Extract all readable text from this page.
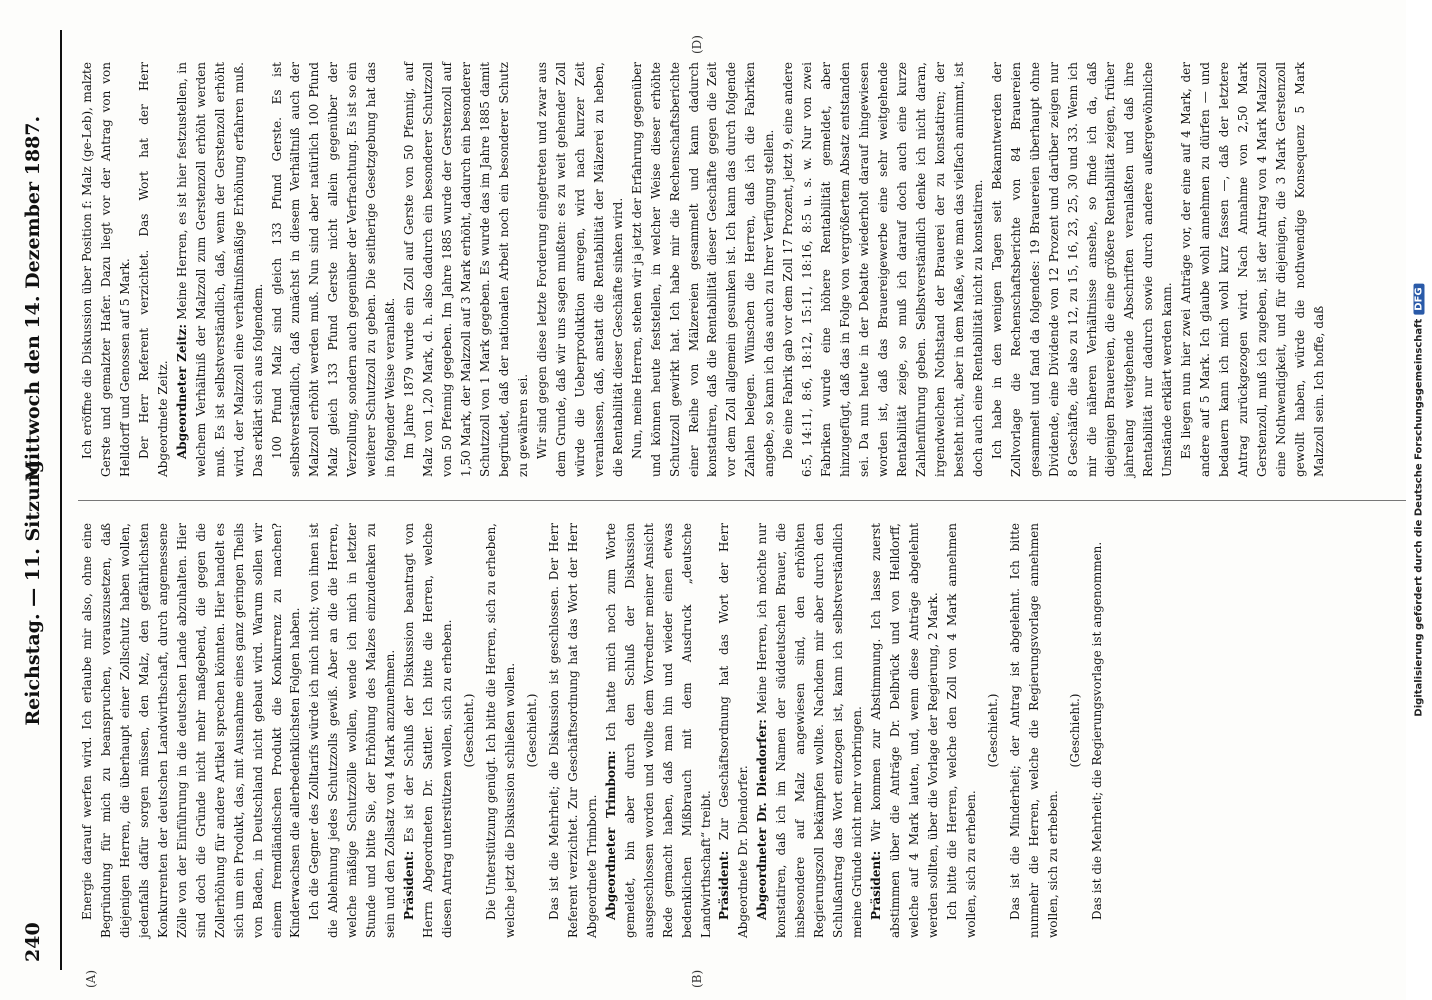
240
Reichstag. — 11. Sitzung.
Mittwoch den 14. Dezember 1887.
(A)	(B)
(D)

Energie darauf werfen wird. Ich erlaube mir also, ohne eine Begründung für mich zu beanspruchen, vorauszusetzen, daß diejenigen Herren, die überhaupt einer Zollschutz haben wollen, jedenfalls dafür sorgen müssen, den Malz, den gefährlichsten Konkurrenten der deutschen Landwirthschaft, durch angemessene Zölle von der Einführung in die deutschen Lande abzuhalten. Hier sind doch die Gründe nicht mehr maßgebend, die gegen die Zollerhöhung für andere Artikel sprechen könnten. Hier handelt es sich um ein Produkt, das, mit Ausnahme eines ganz geringen Theils von Baden, in Deutschland nicht gebaut wird. Warum sollen wir einem fremdländischen Produkt die Konkurrenz zu machen? Kinderwachsen die allerbedenklichsten Folgen haben. Ich die Gegner des Zolltarifs würde ich mich nicht; von ihnen ist die Ablehnung jedes Schutzzolls gewiß. Aber an die die Herren, welche mäßige Schutzzölle wollen, wende ich mich in letzter Stunde und bitte Sie, der Erhöhung des Malzes einzudenken zu sein und den Zollsatz von 4 Mark anzunehmen. Präsident: Es ist der Schluß der Diskussion beantragt von Herrn Abgeordneten Dr. Sattler. Ich bitte die Herren, welche diesen Antrag unterstützen wollen, sich zu erheben. (Geschieht.) Die Unterstützung genügt. Ich bitte die Herren, sich zu erheben, welche jetzt die Diskussion schließen wollen. (Geschieht.) Das ist die Mehrheit; die Diskussion ist geschlossen. Der Herr Referent verzichtet. Zur Geschäftsordnung hat das Wort der Herr Abgeordnete Trimborn. Abgeordneter Trimborn: Ich hatte mich noch zum Worte gemeldet, bin aber durch den Schluß der Diskussion ausgeschlossen worden und wollte dem Vorredner meiner Ansicht Rede gemacht haben, daß man hin und wieder einen etwas bedenklichen Mißbrauch mit dem Ausdruck „deutsche Landwirthschaft“ treibt. Präsident: Zur Geschäftsordnung hat das Wort der Herr Abgeordnete Dr. Diendorfer. Abgeordneter Dr. Diendorfer: Meine Herren, ich möchte nur konstatiren, daß ich im Namen der süddeutschen Brauer, die insbesondere auf Malz angewiesen sind, den erhöhten Regierungszoll bekämpfen wollte. Nachdem mir aber durch den Schlußantrag das Wort entzogen ist, kann ich selbstverständlich meine Gründe nicht mehr vorbringen. Präsident: Wir kommen zur Abstimmung. Ich lasse zuerst abstimmen über die Anträge Dr. Delbrück und von Helldorff, welche auf 4 Mark lauten, und, wenn diese Anträge abgelehnt werden sollten, über die Vorlage der Regierung, 2 Mark. Ich bitte die Herren, welche den Zoll von 4 Mark annehmen wollen, sich zu erheben.

(Geschieht.) Das ist die Minderheit; der Antrag ist abgelehnt. Ich bitte nunmehr die Herren, welche die Regierungsvorlage annehmen wollen, sich zu erheben.

(Geschieht.) Das ist die Mehrheit; die Regierungsvorlage ist angenommen.

Ich eröffne die Diskussion über Position f: Malz (ge-Leb), malzte Gerste und gemalzter Hafer. Dazu liegt vor der Antrag von von Helldorff und Genossen auf 5 Mark. Der Herr Referent verzichtet. Das Wort hat der Herr Abgeordnete Zeitz. Abgeordneter Zeitz: Meine Herren, es ist hier festzustellen, in welchem Verhältniß der Malzzoll zum Gerstenzoll erhöht werden muß. Es ist selbstverständlich, daß, wenn der Gerstenzoll erhöht wird, der Malzzoll eine verhältnißmäßige Erhöhung erfahren muß. Das erklärt sich aus folgendem. 100 Pfund Malz sind gleich 133 Pfund Gerste. Es ist selbstverständlich, daß zunächst in diesem Verhältniß auch der Malzzoll erhöht werden muß. Nun sind aber natürlich 100 Pfund Malz gleich 133 Pfund Gerste nicht allein gegenüber der Verzollung, sondern auch gegenüber der Verfrachtung. Es ist so ein weiterer Schutzzoll zu geben. Die seitherige Gesetzgebung hat das in folgender Weise veranlaßt. Im Jahre 1879 wurde ein Zoll auf Gerste von 50 Pfennig, auf Malz von 1,20 Mark, d. h. also dadurch ein besonderer Schutzzoll von 50 Pfennig gegeben. Im Jahre 1885 wurde der Gerstenzoll auf 1,50 Mark, der Malzzoll auf 3 Mark erhöht, dadurch ein besonderer Schutzzoll von 1 Mark gegeben. Es wurde das im Jahre 1885 damit begründet, daß der nationalen Arbeit noch ein besonderer Schutz zu gewähren sei. Wir sind gegen diese letzte Forderung eingetreten und zwar aus dem Grunde, daß wir uns sagen mußten: es zu weit gehender Zoll würde die Ueberproduktion anregen, wird nach kurzer Zeit veranlassen, daß, anstatt die Rentabilität der Mälzerei zu heben, die Rentabilität dieser Geschäfte sinken wird. Nun, meine Herren, stehen wir ja jetzt der Erfahrung gegenüber und können heute feststellen, in welcher Weise dieser erhöhte Schutzzoll gewirkt hat. Ich habe mir die Rechenschaftsberichte einer Reihe von Mälzereien gesammelt und kann dadurch konstatiren, daß die Rentabilität dieser Geschäfte gegen die Zeit vor dem Zoll allgemein gesunken ist. Ich kann das durch folgende Zahlen belegen. Wünschen die Herren, daß ich die Fabriken angebe, so kann ich das auch zu Ihrer Verfügung stellen. Die eine Fabrik gab vor dem Zoll 17 Prozent, jetzt 9, eine andere 6:5, 14:11, 8:6, 18:12, 15:11, 18:16, 8:5 u. s. w. Nur von zwei Fabriken wurde eine höhere Rentabilität gemeldet, aber hinzugefügt, daß das in Folge von vergrößertem Absatz entstanden sei. Da nun heute in der Debatte wiederholt darauf hingewiesen worden ist, daß das Brauereigewerbe eine sehr weitgehende Rentabilität zeige, so muß ich darauf doch auch eine kurze Zahlenführung geben. Selbstverständlich denke ich nicht daran, irgendwelchen Nothstand der Brauerei der zu konstatiren; der besteht nicht, aber in dem Maße, wie man das vielfach annimmt, ist doch auch eine Rentabilität nicht zu konstatiren. Ich habe in den wenigen Tagen seit Bekanntwerden der Zollvorlage die Rechenschaftsberichte von 84 Brauereien gesammelt und fand da folgendes: 19 Brauereien überhaupt ohne Dividende, eine Dividende von 12 Prozent und darüber zeigen nur 8 Geschäfte, die also zu 12, zu 15, 16, 23, 25, 30 und 33. Wenn ich mir die näheren Verhältnisse ansehe, so finde ich da, daß diejenigen Brauereien, die eine größere Rentabilität zeigen, früher jahrelang weitgehende Abschriften veranlaßten und daß ihre Rentabilität nur dadurch sowie durch andere außergewöhnliche Umstände erklärt werden kann. Es liegen nun hier zwei Anträge vor, der eine auf 4 Mark, der andere auf 5 Mark. Ich glaube wohl annehmen zu dürfen — und bedauern kann ich mich wohl kurz fassen —, daß der letztere Antrag zurückgezogen wird. Nach Annahme von 2,50 Mark Gerstenzoll, muß ich zugeben, ist der Antrag von 4 Mark Malzzoll eine Nothwendigkeit, und für diejenigen, die 3 Mark Gerstenzoll gewollt haben, würde die nothwendige Konsequenz 5 Mark Malzzoll sein. Ich hoffe, daß	Digitalisierung gefördert durch die Deutsche ForschungsgemeinschaftDFG
